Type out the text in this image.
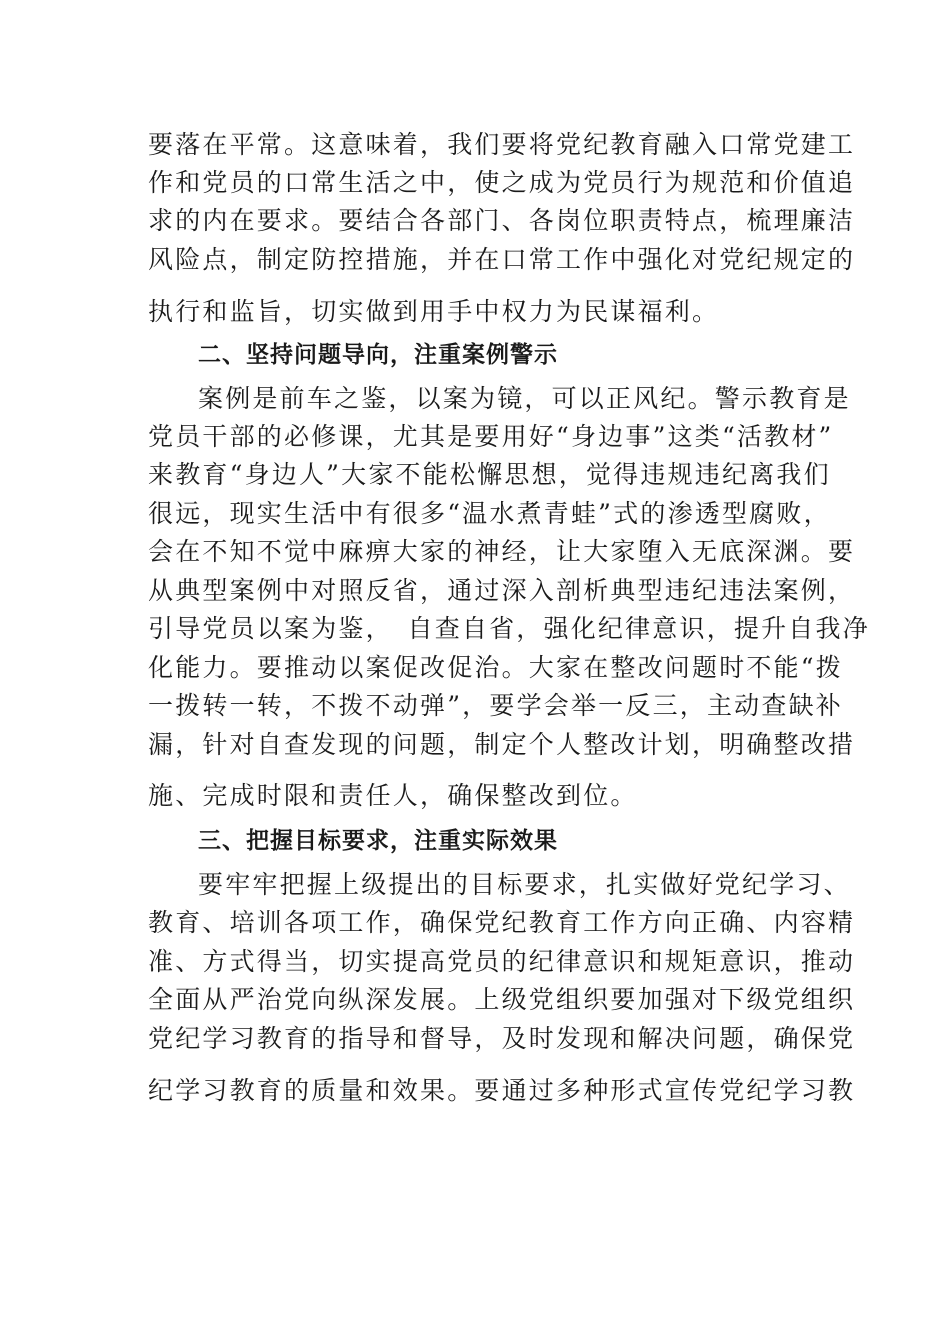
要落在平常。这意味着，我们要将党纪教育融入口常党建工
作和党员的口常生活之中，使之成为党员行为规范和价值追
求的内在要求。要结合各部门、各岗位职责特点，梳理廉洁
风险点，制定防控措施，并在口常工作中强化对党纪规定的
执行和监旨，切实做到用手中权力为民谋福利。
二、坚持问题导向，注重案例警示
案例是前车之鉴，以案为镜，可以正风纪。警示教育是
党员干部的必修课，尤其是要用好“身边事”这类“活教材”
来教育“身边人”大家不能松懈思想，觉得违规违纪离我们
很远，现实生活中有很多“温水煮青蛙”式的渗透型腐败，
会在不知不觉中麻痹大家的神经，让大家堕入无底深渊。要
从典型案例中对照反省，通过深入剖析典型违纪违法案例，
引导党员以案为鉴，　自查自省，强化纪律意识，提升自我净
化能力。要推动以案促改促治。大家在整改问题时不能“拨
一拨转一转，不拨不动弹”，要学会举一反三，主动查缺补
漏，针对自查发现的问题，制定个人整改计划，明确整改措
施、完成时限和责任人，确保整改到位。
三、把握目标要求，注重实际效果
要牢牢把握上级提出的目标要求，扎实做好党纪学习、
教育、培训各项工作，确保党纪教育工作方向正确、内容精
准、方式得当，切实提高党员的纪律意识和规矩意识，推动
全面从严治党向纵深发展。上级党组织要加强对下级党组织
党纪学习教育的指导和督导，及时发现和解决问题，确保党
纪学习教育的质量和效果。要通过多种形式宣传党纪学习教
